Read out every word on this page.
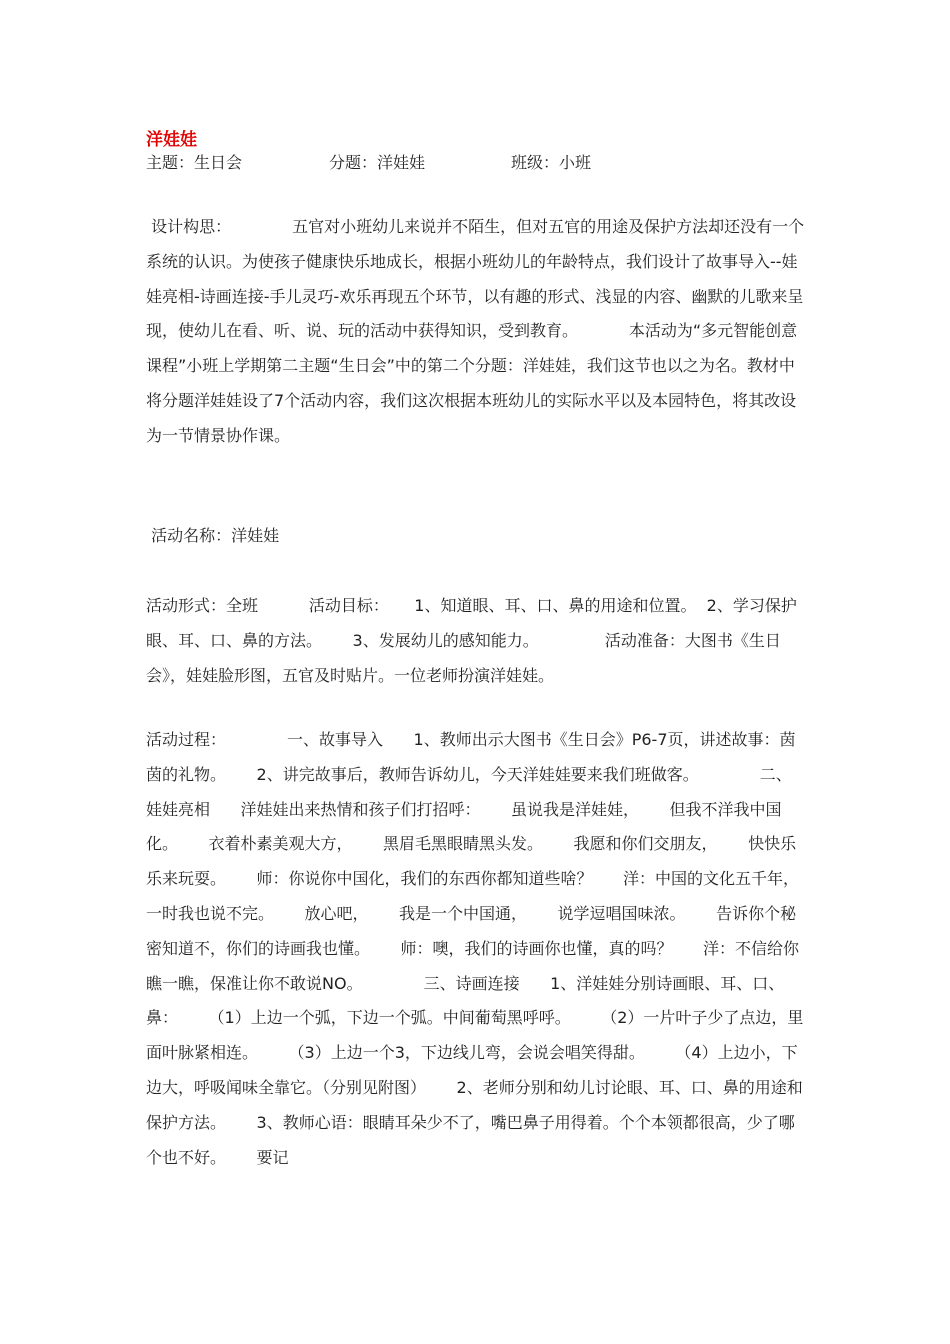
洋娃娃
主题：生日会	分题：洋娃娃	班级：小班
设计构思：            五官对小班幼儿来说并不陌生，但对五官的用途及保护方法却还没有一个系统的认识。为使孩子健康快乐地成长，根据小班幼儿的年龄特点，我们设计了故事导入--娃娃亮相-诗画连接-手儿灵巧-欢乐再现五个环节，以有趣的形式、浅显的内容、幽默的儿歌来呈现，使幼儿在看、听、说、玩的活动中获得知识，受到教育。          本活动为“多元智能创意课程”小班上学期第二主题“生日会”中的第二个分题：洋娃娃，我们这节也以之为名。教材中将分题洋娃娃设了7个活动内容，我们这次根据本班幼儿的实际水平以及本园特色，将其改设为一节情景协作课。
活动名称：洋娃娃
活动形式：全班          活动目标：     1、知道眼、耳、口、鼻的用途和位置。  2、学习保护眼、耳、口、鼻的方法。      3、发展幼儿的感知能力。             活动准备：大图书《生日会》，娃娃脸形图，五官及时贴片。一位老师扮演洋娃娃。
活动过程：            一、故事导入      1、教师出示大图书《生日会》P6-7页，讲述故事：茵茵的礼物。      2、讲完故事后，教师告诉幼儿，今天洋娃娃要来我们班做客。            二、娃娃亮相      洋娃娃出来热情和孩子们打招呼：      虽说我是洋娃娃，      但我不洋我中国化。      衣着朴素美观大方，      黑眉毛黑眼睛黑头发。      我愿和你们交朋友，      快快乐乐来玩耍。      师：你说你中国化，我们的东西你都知道些啥？      洋：中国的文化五千年，      一时我也说不完。      放心吧，      我是一个中国通，      说学逗唱国味浓。      告诉你个秘密知道不，你们的诗画我也懂。      师：噢，我们的诗画你也懂，真的吗？      洋：不信给你瞧一瞧，保准让你不敢说NO。            三、诗画连接      1、洋娃娃分别诗画眼、耳、口、鼻：      （1）上边一个弧，下边一个弧。中间葡萄黑呼呼。      （2）一片叶子少了点边，里面叶脉紧相连。      （3）上边一个3，下边线儿弯，会说会唱笑得甜。      （4）上边小，下边大，呼吸闻味全靠它。（分别见附图）      2、老师分别和幼儿讨论眼、耳、口、鼻的用途和保护方法。      3、教师心语：眼睛耳朵少不了，嘴巴鼻子用得着。个个本领都很高，少了哪个也不好。      要记
